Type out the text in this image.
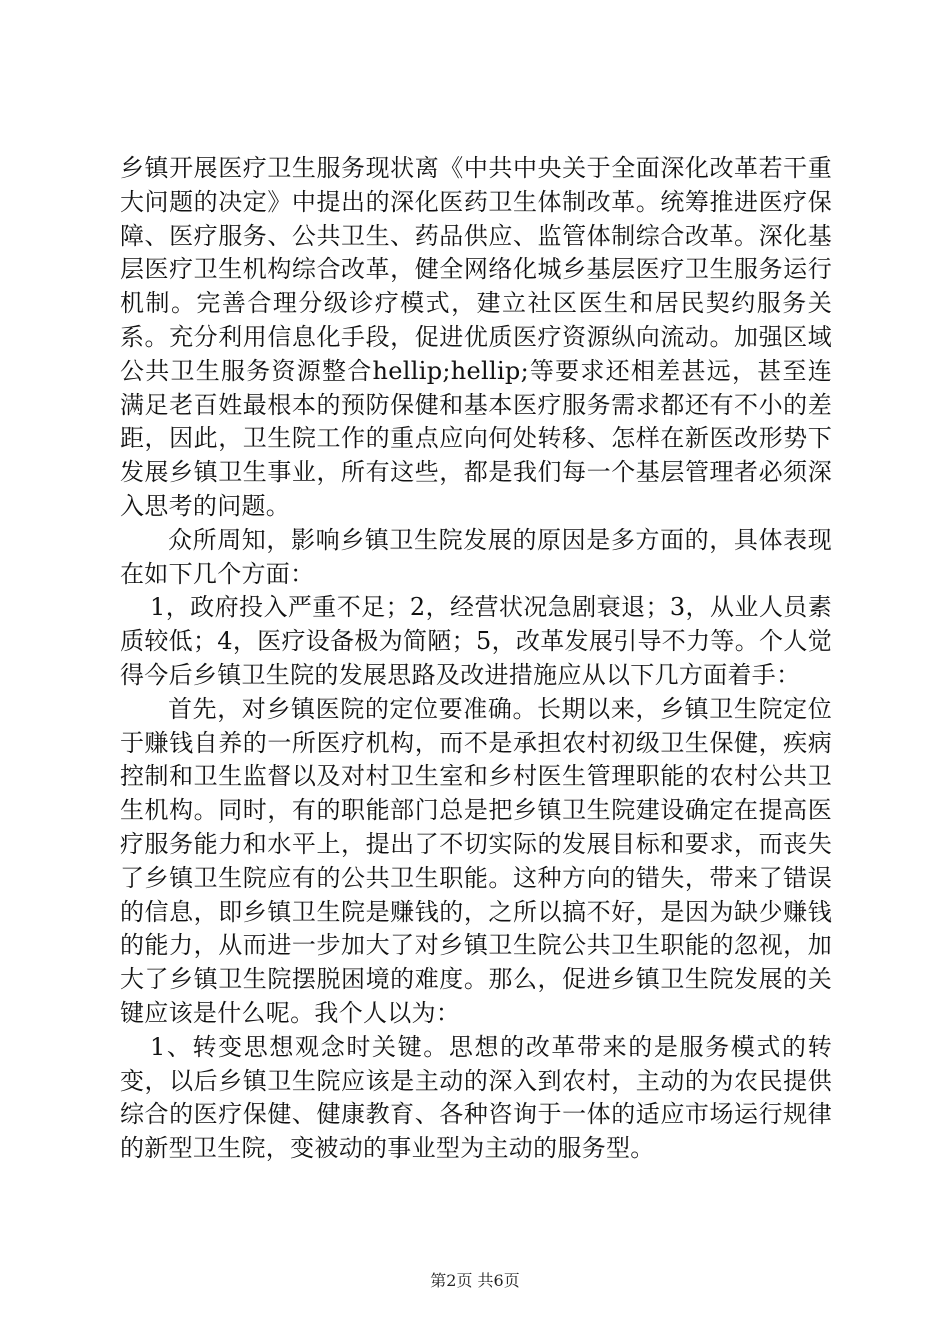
乡镇开展医疗卫生服务现状离《中共中央关于全面深化改革若干重大问题的决定》中提出的深化医药卫生体制改革。统筹推进医疗保障、医疗服务、公共卫生、药品供应、监管体制综合改革。深化基层医疗卫生机构综合改革，健全网络化城乡基层医疗卫生服务运行机制。完善合理分级诊疗模式，建立社区医生和居民契约服务关系。充分利用信息化手段，促进优质医疗资源纵向流动。加强区域公共卫生服务资源整合hellip;hellip;等要求还相差甚远，甚至连满足老百姓最根本的预防保健和基本医疗服务需求都还有不小的差距，因此，卫生院工作的重点应向何处转移、怎样在新医改形势下发展乡镇卫生事业，所有这些，都是我们每一个基层管理者必须深入思考的问题。

众所周知，影响乡镇卫生院发展的原因是多方面的，具体表现在如下几个方面：

1，政府投入严重不足；2，经营状况急剧衰退；3，从业人员素质较低；4，医疗设备极为简陋；5，改革发展引导不力等。个人觉得今后乡镇卫生院的发展思路及改进措施应从以下几方面着手：

首先，对乡镇医院的定位要准确。长期以来，乡镇卫生院定位于赚钱自养的一所医疗机构，而不是承担农村初级卫生保健，疾病控制和卫生监督以及对村卫生室和乡村医生管理职能的农村公共卫生机构。同时，有的职能部门总是把乡镇卫生院建设确定在提高医疗服务能力和水平上，提出了不切实际的发展目标和要求，而丧失了乡镇卫生院应有的公共卫生职能。这种方向的错失，带来了错误的信息，即乡镇卫生院是赚钱的，之所以搞不好，是因为缺少赚钱的能力，从而进一步加大了对乡镇卫生院公共卫生职能的忽视，加大了乡镇卫生院摆脱困境的难度。那么，促进乡镇卫生院发展的关键应该是什么呢。我个人以为：

1、转变思想观念时关键。思想的改革带来的是服务模式的转变，以后乡镇卫生院应该是主动的深入到农村，主动的为农民提供综合的医疗保健、健康教育、各种咨询于一体的适应市场运行规律的新型卫生院，变被动的事业型为主动的服务型。

第2页 共6页
